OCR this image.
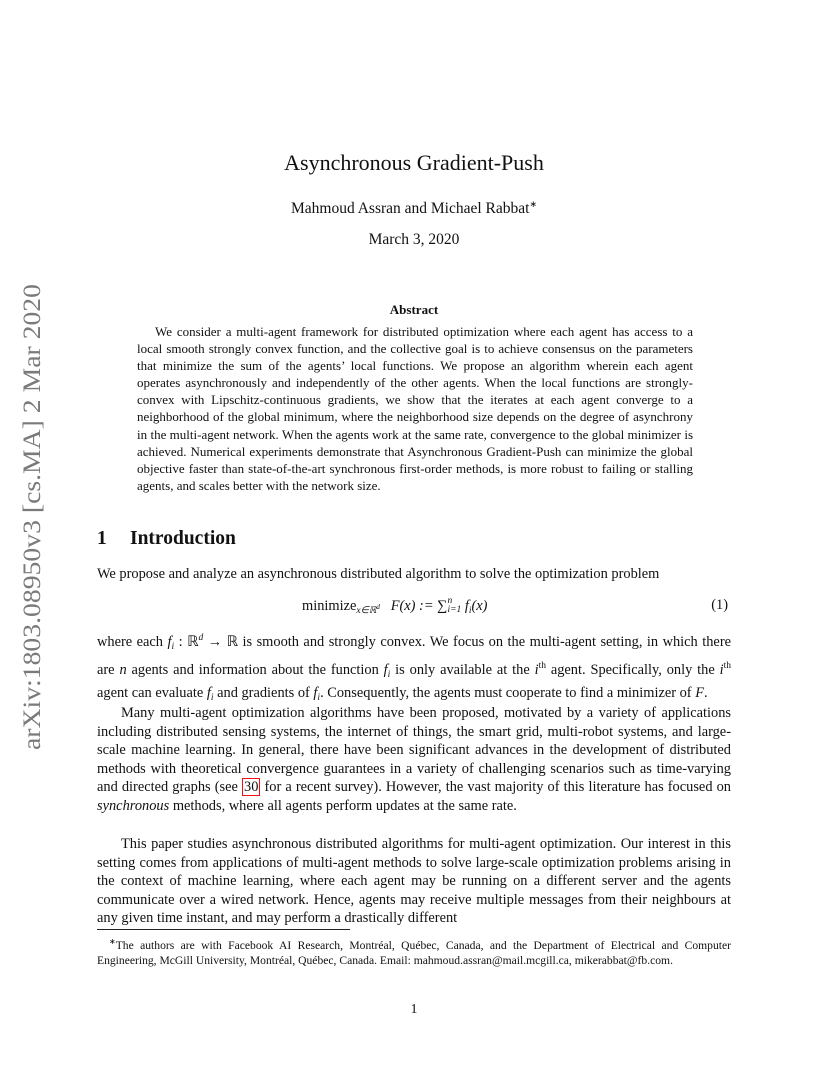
arXiv:1803.08950v3 [cs.MA] 2 Mar 2020
Asynchronous Gradient-Push
Mahmoud Assran and Michael Rabbat∗
March 3, 2020
Abstract
We consider a multi-agent framework for distributed optimization where each agent has access to a local smooth strongly convex function, and the collective goal is to achieve consensus on the parameters that minimize the sum of the agents’ local functions. We propose an algorithm wherein each agent operates asynchronously and independently of the other agents. When the local functions are strongly-convex with Lipschitz-continuous gradients, we show that the iterates at each agent converge to a neighborhood of the global minimum, where the neighborhood size depends on the degree of asynchrony in the multi-agent network. When the agents work at the same rate, convergence to the global minimizer is achieved. Numerical experiments demonstrate that Asynchronous Gradient-Push can minimize the global objective faster than state-of-the-art synchronous first-order methods, is more robust to failing or stalling agents, and scales better with the network size.
1 Introduction
We propose and analyze an asynchronous distributed algorithm to solve the optimization problem
minimize$_{x\in ℝ^d}$ F(x) := ∑ n
i=1 $f_i(x)$	(1)
where each $f_i$ : ℝ$^d$ → ℝ is smooth and strongly convex. We focus on the multi-agent setting, in which there are n agents and information about the function $f_i$ is only available at the $i^{th}$ agent. Specifically, only the $i^{th}$ agent can evaluate $f_i$ and gradients of $f_i$. Consequently, the agents must cooperate to find a minimizer of F.
Many multi-agent optimization algorithms have been proposed, motivated by a variety of applications including distributed sensing systems, the internet of things, the smart grid, multi-robot systems, and large-scale machine learning. In general, there have been significant advances in the development of distributed methods with theoretical convergence guarantees in a variety of challenging scenarios such as time-varying and directed graphs (see 30 for a recent survey). However, the vast majority of this literature has focused on synchronous methods, where all agents perform updates at the same rate.
This paper studies asynchronous distributed algorithms for multi-agent optimization. Our interest in this setting comes from applications of multi-agent methods to solve large-scale optimization problems arising in the context of machine learning, where each agent may be running on a different server and the agents communicate over a wired network. Hence, agents may receive multiple messages from their neighbours at any given time instant, and may perform a drastically different
∗The authors are with Facebook AI Research, Montréal, Québec, Canada, and the Department of Electrical and Computer Engineering, McGill University, Montréal, Québec, Canada. Email: mahmoud.assran@mail.mcgill.ca, mikerabbat@fb.com.
1
